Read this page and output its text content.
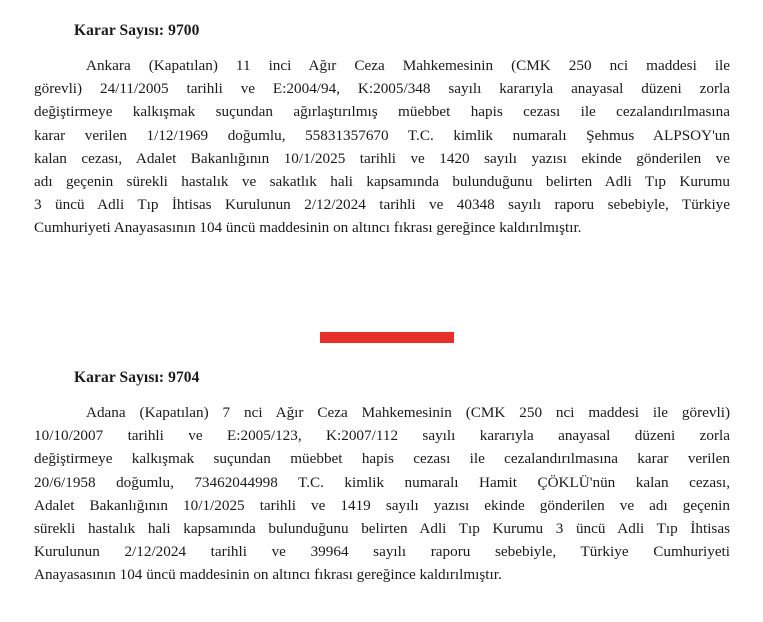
Karar Sayısı: 9700
Ankara (Kapatılan) 11 inci Ağır Ceza Mahkemesinin (CMK 250 nci maddesi ile
görevli) 24/11/2005 tarihli ve E:2004/94, K:2005/348 sayılı kararıyla anayasal düzeni zorla
değiştirmeye kalkışmak suçundan ağırlaştırılmış müebbet hapis cezası ile cezalandırılmasına
karar verilen 1/12/1969 doğumlu, 55831357670 T.C. kimlik numaralı Şehmus ALPSOY'un
kalan cezası, Adalet Bakanlığının 10/1/2025 tarihli ve 1420 sayılı yazısı ekinde gönderilen ve
adı geçenin sürekli hastalık ve sakatlık hali kapsamında bulunduğunu belirten Adli Tıp Kurumu
3 üncü Adli Tıp İhtisas Kurulunun 2/12/2024 tarihli ve 40348 sayılı raporu sebebiyle, Türkiye
Cumhuriyeti Anayasasının 104 üncü maddesinin on altıncı fıkrası gereğince kaldırılmıştır.
Karar Sayısı: 9704
Adana (Kapatılan) 7 nci Ağır Ceza Mahkemesinin (CMK 250 nci maddesi ile görevli)
10/10/2007 tarihli ve E:2005/123, K:2007/112 sayılı kararıyla anayasal düzeni zorla
değiştirmeye kalkışmak suçundan müebbet hapis cezası ile cezalandırılmasına karar verilen
20/6/1958 doğumlu, 73462044998 T.C. kimlik numaralı Hamit ÇÖKLÜ'nün kalan cezası,
Adalet Bakanlığının 10/1/2025 tarihli ve 1419 sayılı yazısı ekinde gönderilen ve adı geçenin
sürekli hastalık hali kapsamında bulunduğunu belirten Adli Tıp Kurumu 3 üncü Adli Tıp İhtisas
Kurulunun 2/12/2024 tarihli ve 39964 sayılı raporu sebebiyle, Türkiye Cumhuriyeti
Anayasasının 104 üncü maddesinin on altıncı fıkrası gereğince kaldırılmıştır.
